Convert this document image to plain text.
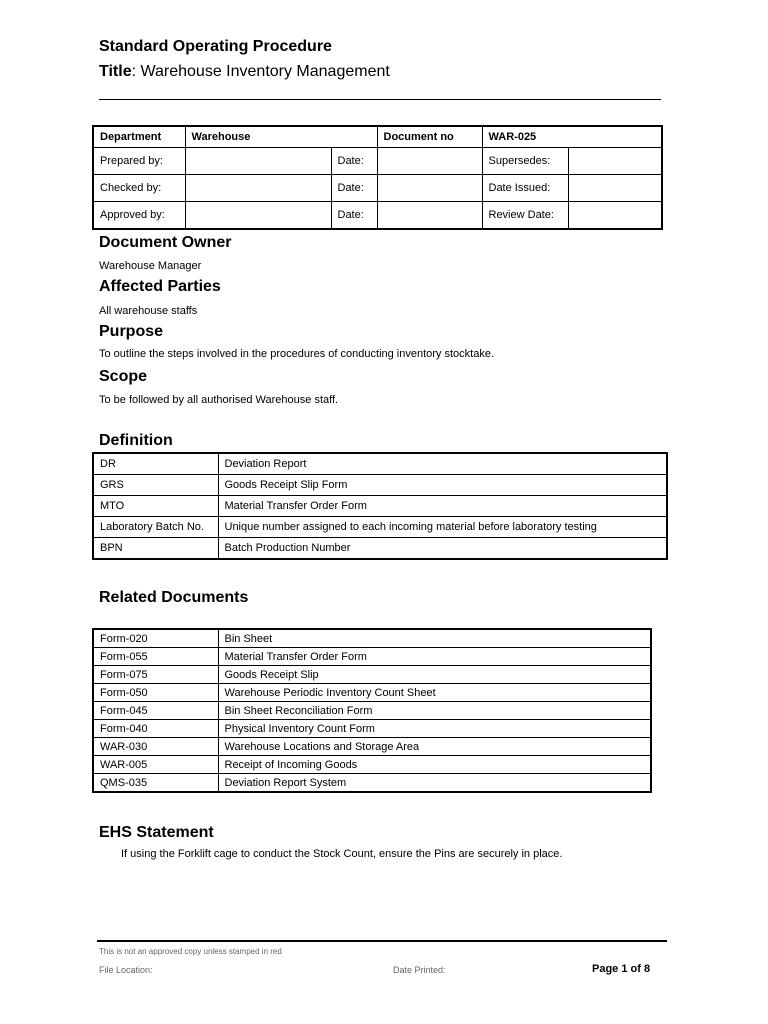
Standard Operating Procedure
Title: Warehouse Inventory Management
Department	Warehouse		Document no	WAR-025	
Prepared by:		Date:		Supersedes:	
Checked by:		Date:		Date Issued:	
Approved by:		Date:		Review Date:	
Document Owner
Warehouse Manager
Affected Parties
All warehouse staffs
Purpose
To outline the steps involved in the procedures of conducting inventory stocktake.
Scope
To be followed by all authorised Warehouse staff.
Definition
DR	Deviation Report
GRS	Goods Receipt Slip Form
MTO	Material Transfer Order Form
Laboratory Batch No.	Unique number assigned to each incoming material before laboratory testing
BPN	Batch Production Number
Related Documents
Form-020	Bin Sheet
Form-055	Material Transfer Order Form
Form-075	Goods Receipt Slip
Form-050	Warehouse Periodic Inventory Count Sheet
Form-045	Bin Sheet Reconciliation Form
Form-040	Physical Inventory Count Form
WAR-030	Warehouse Locations and Storage Area
WAR-005	Receipt of Incoming Goods
QMS-035	Deviation Report System
EHS Statement
If using the Forklift cage to conduct the Stock Count, ensure the Pins are securely in place.
This is not an approved copy unless stamped in red
File Location:	Date Printed:	Page 1 of 8
